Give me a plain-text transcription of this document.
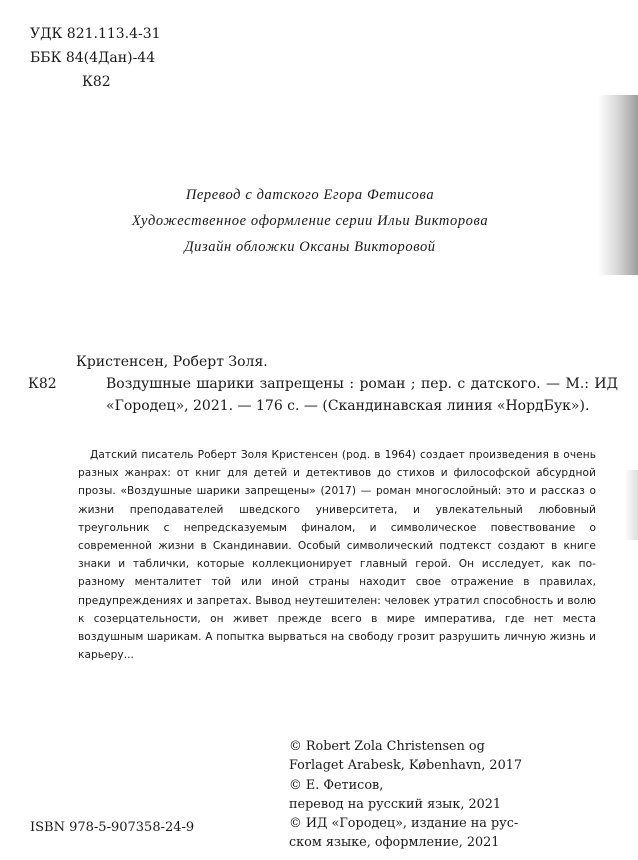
УДК 821.113.4-31
ББК 84(4Дан)-44
К82
Перевод с датского Егора Фетисова
Художественное оформление серии Ильи Викторова
Дизайн обложки Оксаны Викторовой
Кристенсен, Роберт Золя.
К82	Воздушные шарики запрещены : роман ; пер. с датского. — М.: ИД «Городец», 2021. — 176 с. — (Скандинавская линия «НордБук»).
Датский писатель Роберт Золя Кристенсен (род. в 1964) создает произведения в очень разных жанрах: от книг для детей и детективов до стихов и философской абсурдной прозы. «Воздушные шарики запрещены» (2017) — роман многослойный: это и рассказ о жизни преподавателей шведского университета, и увлекательный любовный треугольник с непредсказуемым финалом, и символическое повествование о современной жизни в Скандинавии. Особый символический подтекст создают в книге знаки и таблички, которые коллекционирует главный герой. Он исследует, как по-разному менталитет той или иной страны находит свое отражение в правилах, предупреждениях и запретах. Вывод неутешителен: человек утратил способность и волю к созерцательности, он живет прежде всего в мире императива, где нет места воздушным шарикам. А попытка вырваться на свободу грозит разрушить личную жизнь и карьеру...
© Robert Zola Christensen og
Forlaget Arabesk, København, 2017
© Е. Фетисов,
перевод на русский язык, 2021
© ИД «Городец», издание на рус-
ском языке, оформление, 2021
ISBN 978-5-907358-24-9
